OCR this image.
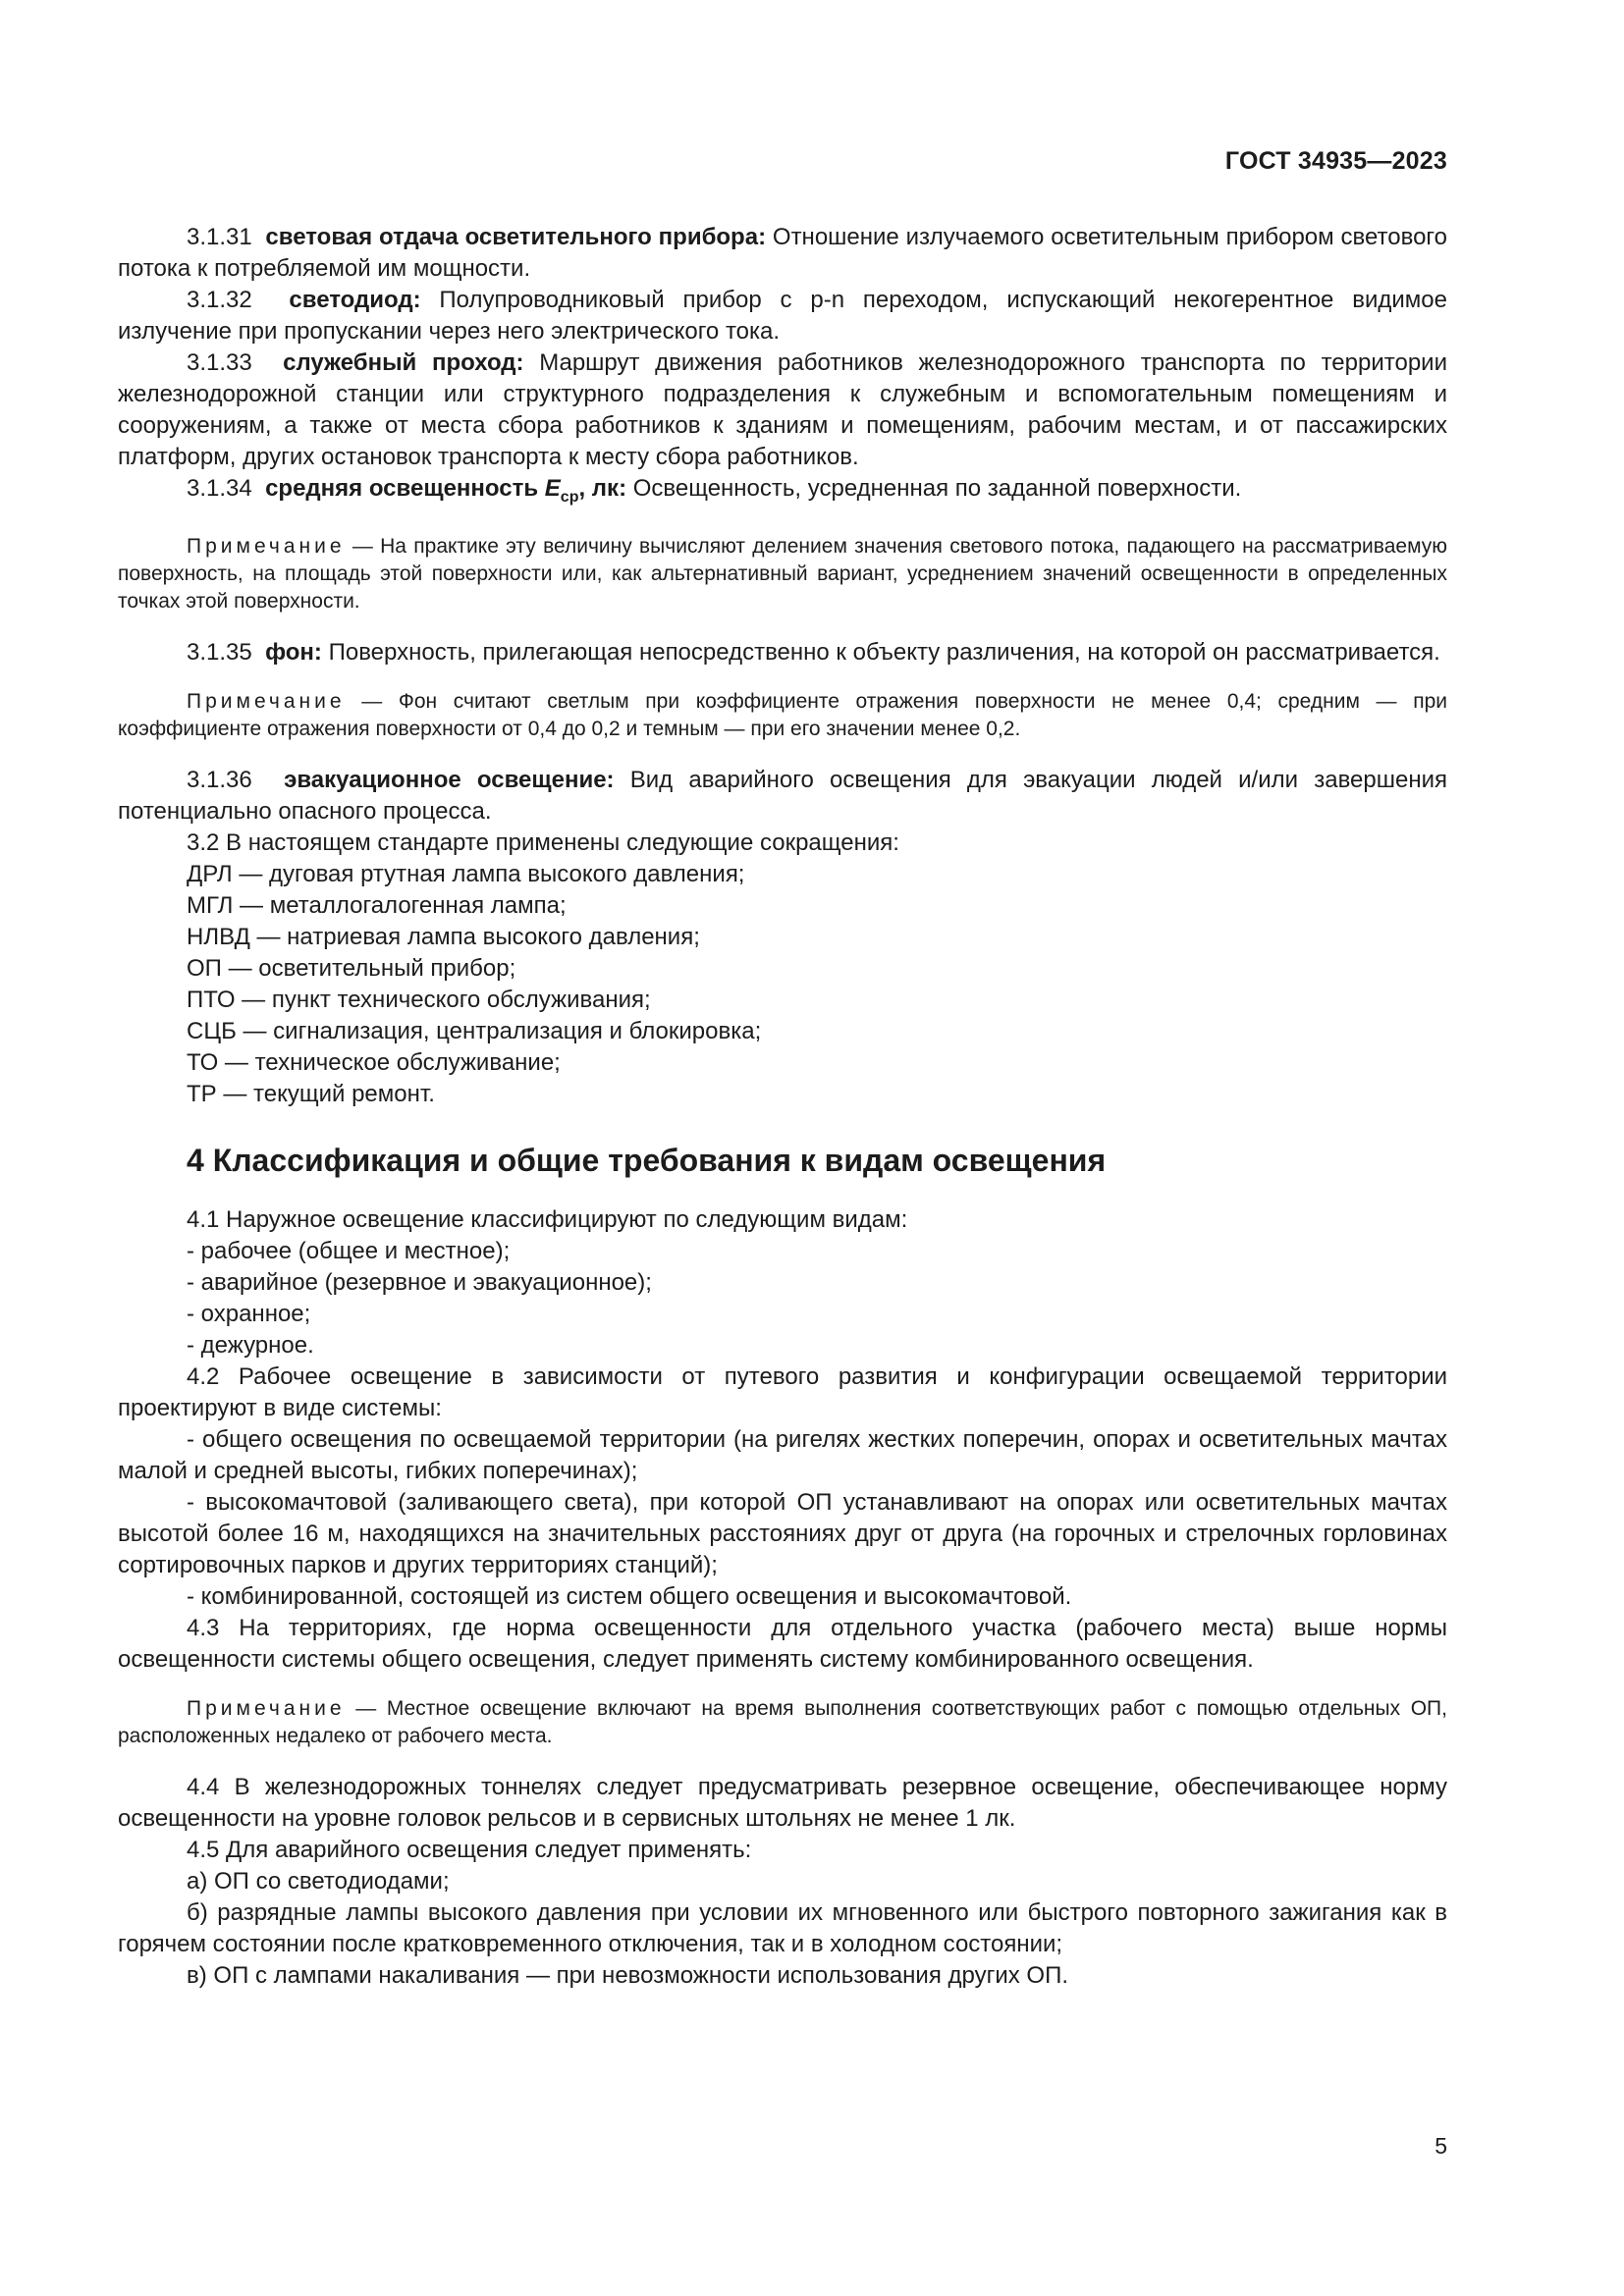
ГОСТ 34935—2023

3.1.31 световая отдача осветительного прибора: Отношение излучаемого осветительным прибором светового потока к потребляемой им мощности.

3.1.32 светодиод: Полупроводниковый прибор с p-n переходом, испускающий некогерентное видимое излучение при пропускании через него электрического тока.

3.1.33 служебный проход: Маршрут движения работников железнодорожного транспорта по территории железнодорожной станции или структурного подразделения к служебным и вспомогательным помещениям и сооружениям, а также от места сбора работников к зданиям и помещениям, рабочим местам, и от пассажирских платформ, других остановок транспорта к месту сбора работников.

3.1.34 средняя освещенность $E_{ср}$, лк: Освещенность, усредненная по заданной поверхности.

Примечание — На практике эту величину вычисляют делением значения светового потока, падающего на рассматриваемую поверхность, на площадь этой поверхности или, как альтернативный вариант, усреднением значений освещенности в определенных точках этой поверхности.

3.1.35 фон: Поверхность, прилегающая непосредственно к объекту различения, на которой он рассматривается.

Примечание — Фон считают светлым при коэффициенте отражения поверхности не менее 0,4; средним — при коэффициенте отражения поверхности от 0,4 до 0,2 и темным — при его значении менее 0,2.

3.1.36 эвакуационное освещение: Вид аварийного освещения для эвакуации людей и/или завершения потенциально опасного процесса.

3.2 В настоящем стандарте применены следующие сокращения:

ДРЛ — дуговая ртутная лампа высокого давления;

МГЛ — металлогалогенная лампа;

НЛВД — натриевая лампа высокого давления;

ОП — осветительный прибор;

ПТО — пункт технического обслуживания;

СЦБ — сигнализация, централизация и блокировка;

ТО — техническое обслуживание;

ТР — текущий ремонт.

4 Классификация и общие требования к видам освещения

4.1 Наружное освещение классифицируют по следующим видам:

- рабочее (общее и местное);

- аварийное (резервное и эвакуационное);

- охранное;

- дежурное.

4.2 Рабочее освещение в зависимости от путевого развития и конфигурации освещаемой территории проектируют в виде системы:

- общего освещения по освещаемой территории (на ригелях жестких поперечин, опорах и осветительных мачтах малой и средней высоты, гибких поперечинах);

- высокомачтовой (заливающего света), при которой ОП устанавливают на опорах или осветительных мачтах высотой более 16 м, находящихся на значительных расстояниях друг от друга (на горочных и стрелочных горловинах сортировочных парков и других территориях станций);

- комбинированной, состоящей из систем общего освещения и высокомачтовой.

4.3 На территориях, где норма освещенности для отдельного участка (рабочего места) выше нормы освещенности системы общего освещения, следует применять систему комбинированного освещения.

Примечание — Местное освещение включают на время выполнения соответствующих работ с помощью отдельных ОП, расположенных недалеко от рабочего места.

4.4 В железнодорожных тоннелях следует предусматривать резервное освещение, обеспечивающее норму освещенности на уровне головок рельсов и в сервисных штольнях не менее 1 лк.

4.5 Для аварийного освещения следует применять:

а) ОП со светодиодами;

б) разрядные лампы высокого давления при условии их мгновенного или быстрого повторного зажигания как в горячем состоянии после кратковременного отключения, так и в холодном состоянии;

в) ОП с лампами накаливания — при невозможности использования других ОП.

5
